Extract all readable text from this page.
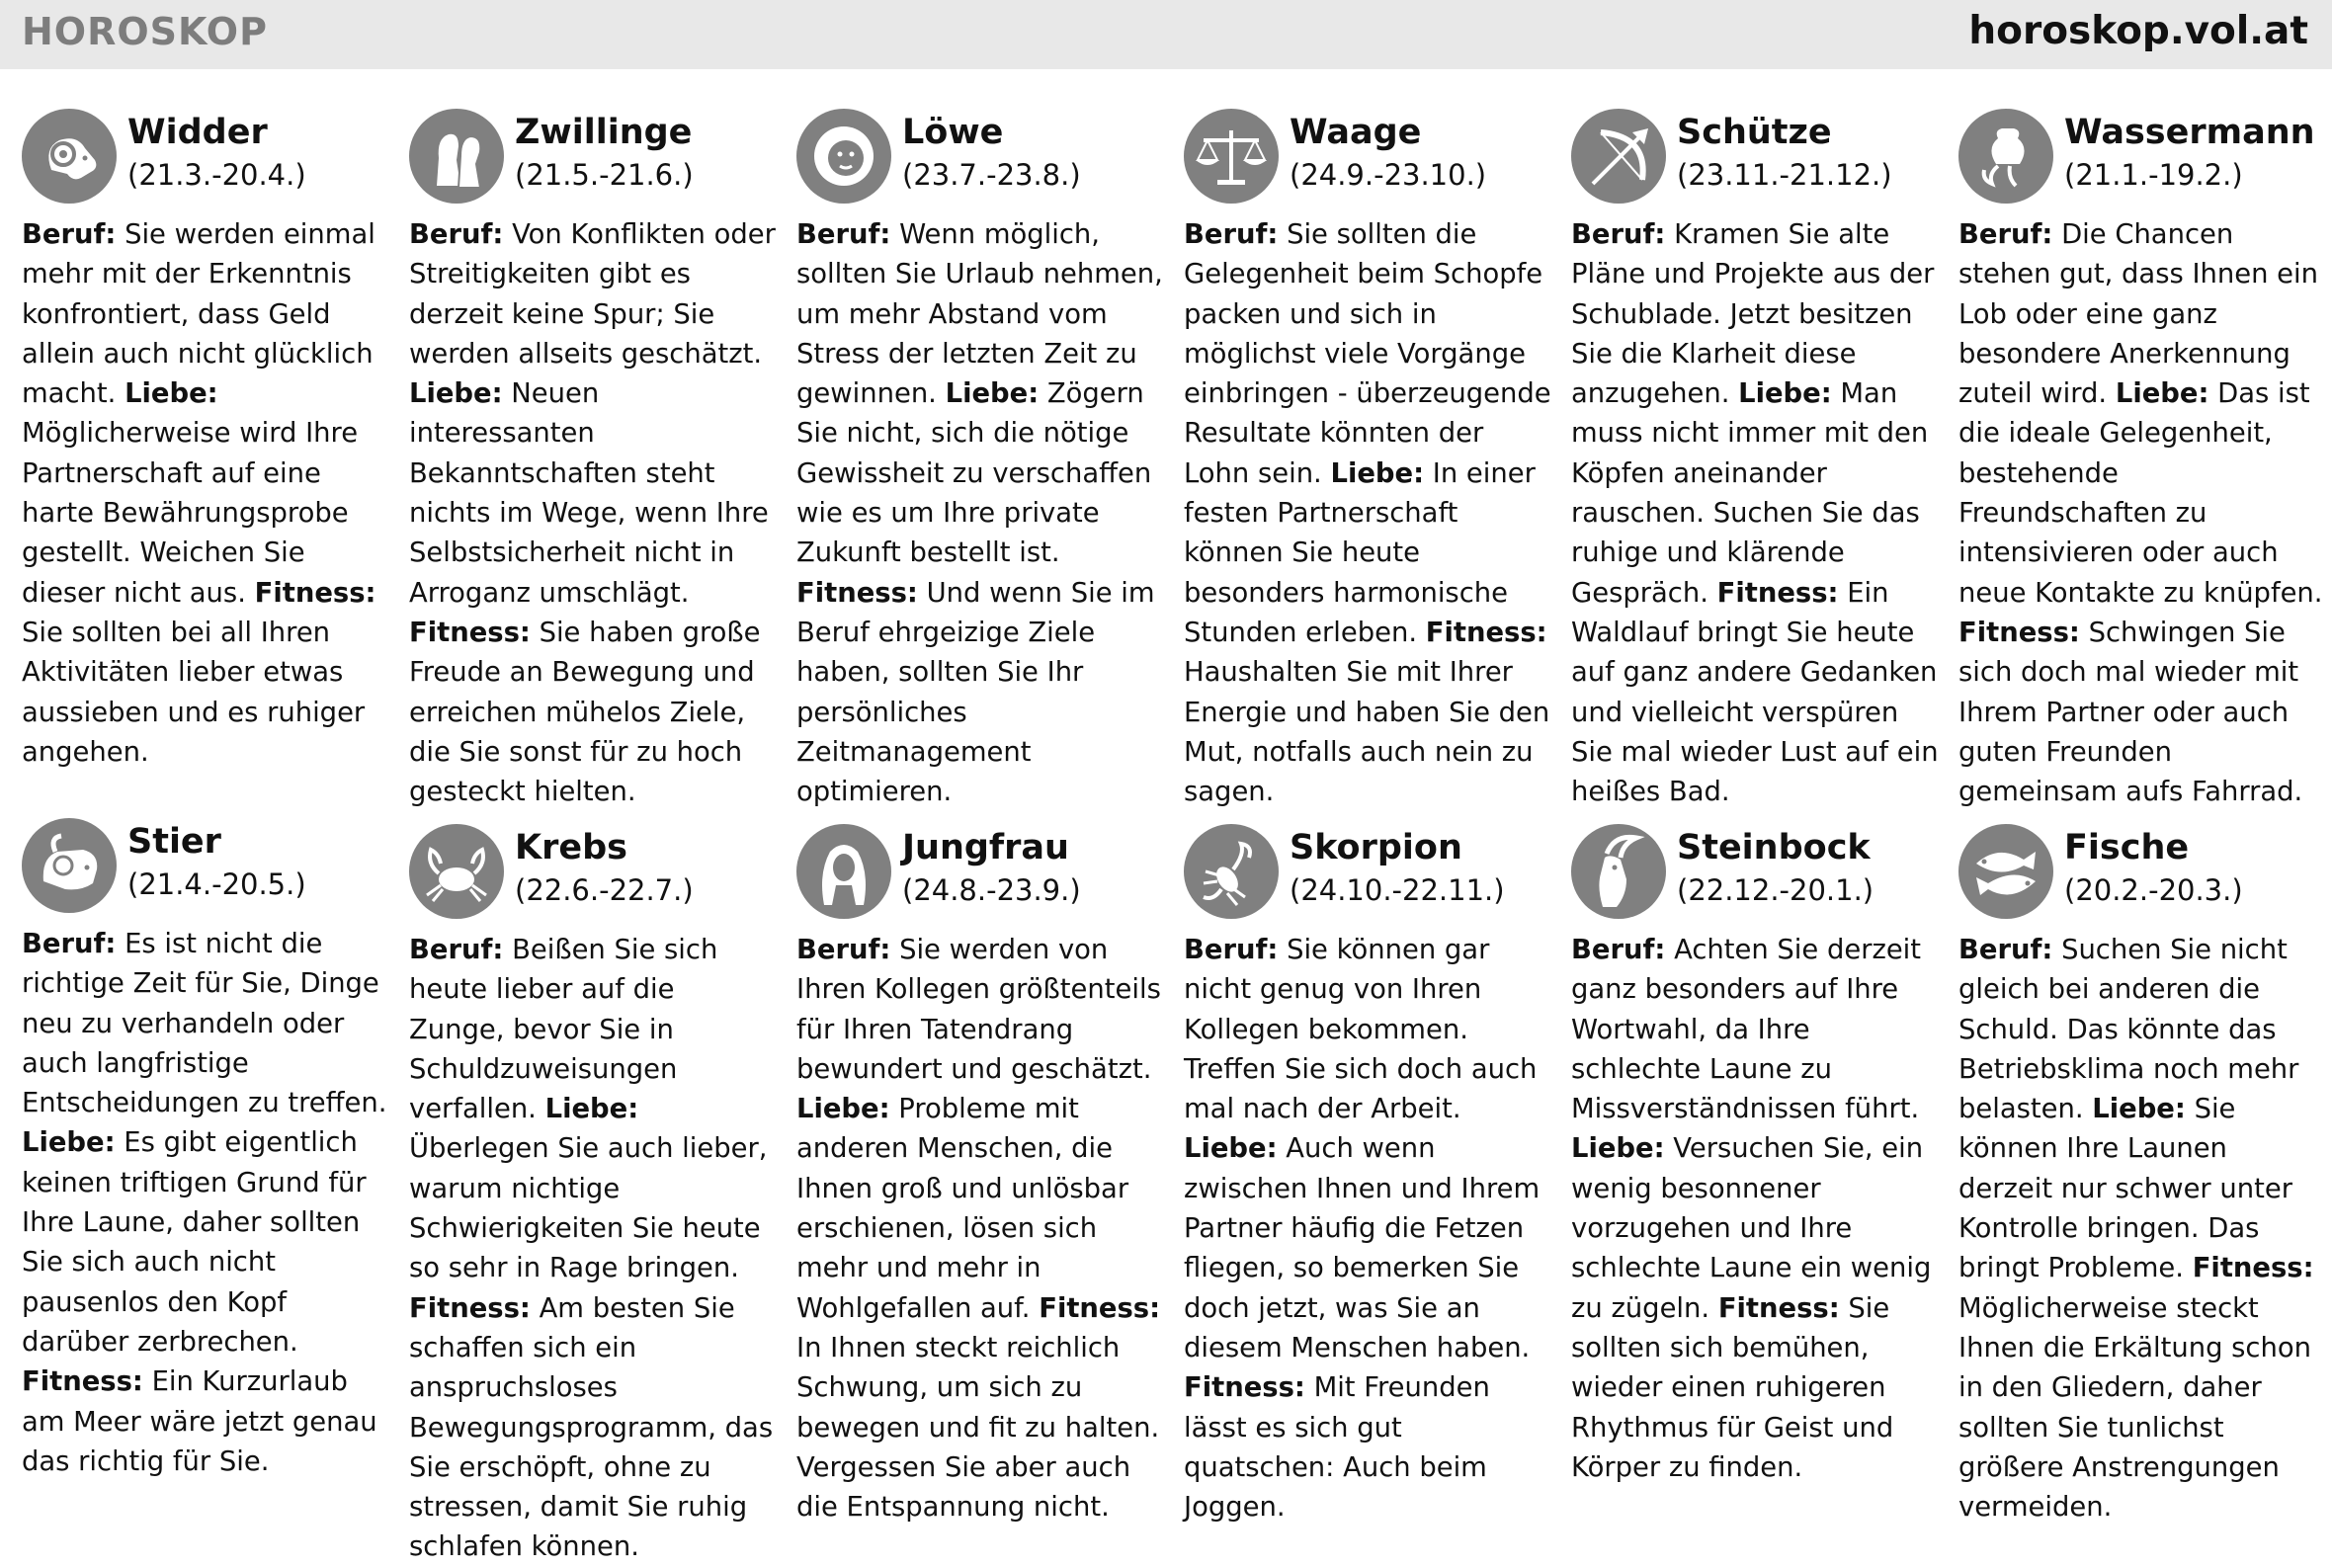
HOROSKOP	horoskop.vol.at
Widder
(21.3.-20.4.)
Beruf: Sie werden einmal mehr mit der Erkenntnis konfrontiert, dass Geld allein auch nicht glücklich macht. Liebe: Möglicherweise wird Ihre Partnerschaft auf eine harte Bewährungsprobe gestellt. Weichen Sie dieser nicht aus. Fitness: Sie sollten bei all Ihren Aktivitäten lieber etwas aussieben und es ruhiger angehen.
Zwillinge
(21.5.-21.6.)
Beruf: Von Konflikten oder Streitigkeiten gibt es derzeit keine Spur; Sie werden allseits geschätzt. Liebe: Neuen interessanten Bekanntschaften steht nichts im Wege, wenn Ihre Selbstsicherheit nicht in Arroganz umschlägt. Fitness: Sie haben große Freude an Bewegung und erreichen mühelos Ziele, die Sie sonst für zu hoch gesteckt hielten.
Löwe
(23.7.-23.8.)
Beruf: Wenn möglich, sollten Sie Urlaub nehmen, um mehr Abstand vom Stress der letzten Zeit zu gewinnen. Liebe: Zögern Sie nicht, sich die nötige Gewissheit zu verschaffen wie es um Ihre private Zukunft bestellt ist. Fitness: Und wenn Sie im Beruf ehrgeizige Ziele haben, sollten Sie Ihr persönliches Zeitmanagement optimieren.
Waage
(24.9.-23.10.)
Beruf: Sie sollten die Gelegenheit beim Schopfe packen und sich in möglichst viele Vorgänge einbringen - überzeugende Resultate könnten der Lohn sein. Liebe: In einer festen Partnerschaft können Sie heute besonders harmonische Stunden erleben. Fitness: Haushalten Sie mit Ihrer Energie und haben Sie den Mut, notfalls auch nein zu sagen.
Schütze
(23.11.-21.12.)
Beruf: Kramen Sie alte Pläne und Projekte aus der Schublade. Jetzt besitzen Sie die Klarheit diese anzugehen. Liebe: Man muss nicht immer mit den Köpfen aneinander rauschen. Suchen Sie das ruhige und klärende Gespräch. Fitness: Ein Waldlauf bringt Sie heute auf ganz andere Gedanken und vielleicht verspüren Sie mal wieder Lust auf ein heißes Bad.
Wassermann
(21.1.-19.2.)
Beruf: Die Chancen stehen gut, dass Ihnen ein Lob oder eine ganz besondere Anerkennung zuteil wird. Liebe: Das ist die ideale Gelegenheit, bestehende Freundschaften zu intensivieren oder auch neue Kontakte zu knüpfen. Fitness: Schwingen Sie sich doch mal wieder mit Ihrem Partner oder auch guten Freunden gemeinsam aufs Fahrrad.
Stier
(21.4.-20.5.)
Beruf: Es ist nicht die richtige Zeit für Sie, Dinge neu zu verhandeln oder auch langfristige Entscheidungen zu treffen. Liebe: Es gibt eigentlich keinen triftigen Grund für Ihre Laune, daher sollten Sie sich auch nicht pausenlos den Kopf darüber zerbrechen. Fitness: Ein Kurzurlaub am Meer wäre jetzt genau das richtig für Sie.
Krebs
(22.6.-22.7.)
Beruf: Beißen Sie sich heute lieber auf die Zunge, bevor Sie in Schuldzuweisungen verfallen. Liebe: Überlegen Sie auch lieber, warum nichtige Schwierigkeiten Sie heute so sehr in Rage bringen. Fitness: Am besten Sie schaffen sich ein anspruchsloses Bewegungsprogramm, das Sie erschöpft, ohne zu stressen, damit Sie ruhig schlafen können.
Jungfrau
(24.8.-23.9.)
Beruf: Sie werden von Ihren Kollegen größtenteils für Ihren Tatendrang bewundert und geschätzt. Liebe: Probleme mit anderen Menschen, die Ihnen groß und unlösbar erschienen, lösen sich mehr und mehr in Wohlgefallen auf. Fitness: In Ihnen steckt reichlich Schwung, um sich zu bewegen und fit zu halten. Vergessen Sie aber auch die Entspannung nicht.
Skorpion
(24.10.-22.11.)
Beruf: Sie können gar nicht genug von Ihren Kollegen bekommen. Treffen Sie sich doch auch mal nach der Arbeit. Liebe: Auch wenn zwischen Ihnen und Ihrem Partner häufig die Fetzen fliegen, so bemerken Sie doch jetzt, was Sie an diesem Menschen haben. Fitness: Mit Freunden lässt es sich gut quatschen: Auch beim Joggen.
Steinbock
(22.12.-20.1.)
Beruf: Achten Sie derzeit ganz besonders auf Ihre Wortwahl, da Ihre schlechte Laune zu Missverständnissen führt. Liebe: Versuchen Sie, ein wenig besonnener vorzugehen und Ihre schlechte Laune ein wenig zu zügeln. Fitness: Sie sollten sich bemühen, wieder einen ruhigeren Rhythmus für Geist und Körper zu finden.
Fische
(20.2.-20.3.)
Beruf: Suchen Sie nicht gleich bei anderen die Schuld. Das könnte das Betriebsklima noch mehr belasten. Liebe: Sie können Ihre Launen derzeit nur schwer unter Kontrolle bringen. Das bringt Probleme. Fitness: Möglicherweise steckt Ihnen die Erkältung schon in den Gliedern, daher sollten Sie tunlichst größere Anstrengungen vermeiden.
